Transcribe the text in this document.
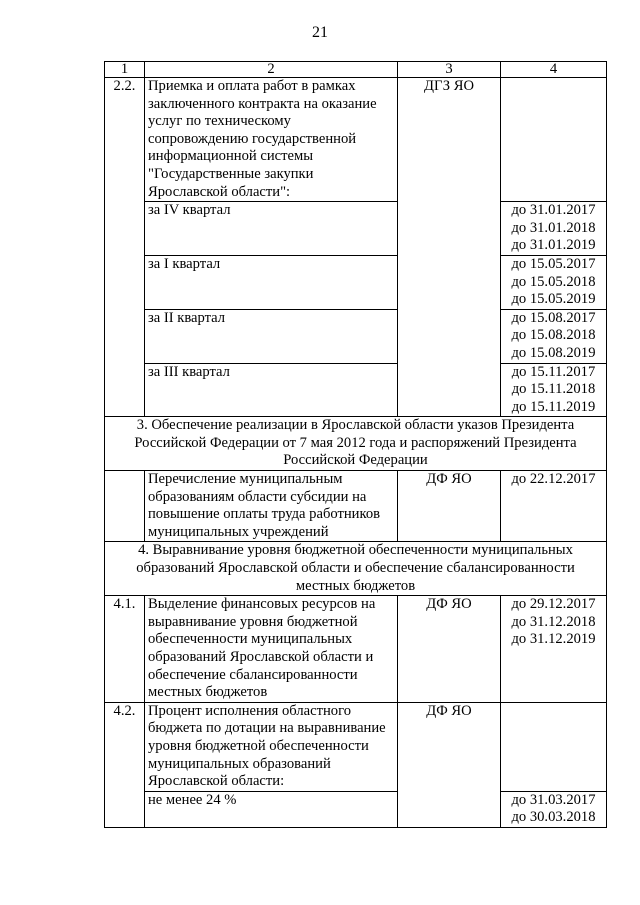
21
1	2	3	4
2.2.	Приемка и оплата работ в рамках заключенного контракта на оказание услуг по техническому сопровождению государственной информационной системы "Государственные закупки Ярославской области":	ДГЗ ЯО	
	за IV квартал		до 31.01.2017
до 31.01.2018
до 31.01.2019
	за I квартал		до 15.05.2017
до 15.05.2018
до 15.05.2019
	за II квартал		до 15.08.2017
до 15.08.2018
до 15.08.2019
	за III квартал		до 15.11.2017
до 15.11.2018
до 15.11.2019
3. Обеспечение реализации в Ярославской области указов Президента Российской Федерации от 7 мая 2012 года и распоряжений Президента Российской Федерации			
	Перечисление муниципальным образованиям области субсидии на повышение оплаты труда работников муниципальных учреждений	ДФ ЯО	до 22.12.2017
4. Выравнивание уровня бюджетной обеспеченности муниципальных образований Ярославской области и обеспечение сбалансированности местных бюджетов			
4.1.	Выделение финансовых ресурсов на выравнивание уровня бюджетной обеспеченности муниципальных образований Ярославской области и обеспечение сбалансированности местных бюджетов	ДФ ЯО	до 29.12.2017
до 31.12.2018
до 31.12.2019
4.2.	Процент исполнения областного бюджета по дотации на выравнивание уровня бюджетной обеспеченности муниципальных образований Ярославской области:	ДФ ЯО	
	не менее 24 %		до 31.03.2017
до 30.03.2018
